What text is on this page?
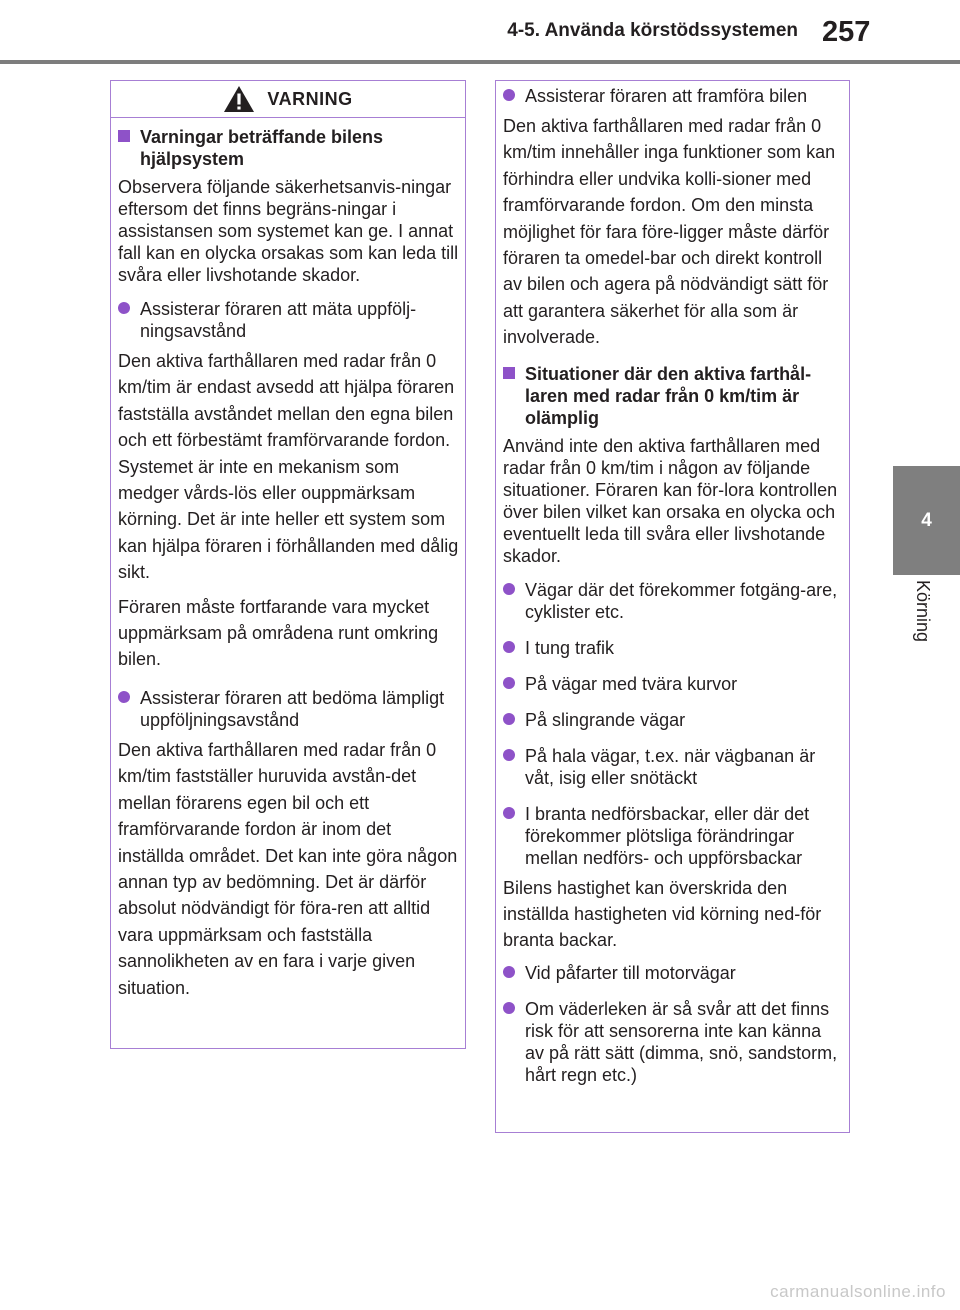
4-5. Använda körstödssystemen 257
4
Körning
VARNING
Varningar beträffande bilens hjälpsystem

Observera följande säkerhetsanvis-ningar eftersom det finns begräns-ningar i assistansen som systemet kan ge. I annat fall kan en olycka orsakas som kan leda till svåra eller livshotande skador.

Assisterar föraren att mäta uppfölj-ningsavstånd

Den aktiva farthållaren med radar från 0 km/tim är endast avsedd att hjälpa föraren fastställa avståndet mellan den egna bilen och ett förbestämt framförvarande fordon. Systemet är inte en mekanism som medger vårds-lös eller ouppmärksam körning. Det är inte heller ett system som kan hjälpa föraren i förhållanden med dålig sikt.

Föraren måste fortfarande vara mycket uppmärksam på områdena runt omkring bilen.

Assisterar föraren att bedöma lämpligt uppföljningsavstånd

Den aktiva farthållaren med radar från 0 km/tim fastställer huruvida avstån-det mellan förarens egen bil och ett framförvarande fordon är inom det inställda området. Det kan inte göra någon annan typ av bedömning. Det är därför absolut nödvändigt för föra-ren att alltid vara uppmärksam och fastställa sannolikheten av en fara i varje given situation.

Assisterar föraren att framföra bilen

Den aktiva farthållaren med radar från 0 km/tim innehåller inga funktioner som kan förhindra eller undvika kolli-sioner med framförvarande fordon. Om den minsta möjlighet för fara före-ligger måste därför föraren ta omedel-bar och direkt kontroll av bilen och agera på nödvändigt sätt för att garantera säkerhet för alla som är involverade.

Situationer där den aktiva farthål-laren med radar från 0 km/tim är olämplig

Använd inte den aktiva farthållaren med radar från 0 km/tim i någon av följande situationer. Föraren kan för-lora kontrollen över bilen vilket kan orsaka en olycka och eventuellt leda till svåra eller livshotande skador.

Vägar där det förekommer fotgäng-are, cyklister etc.
I tung trafik
På vägar med tvära kurvor
På slingrande vägar
På hala vägar, t.ex. när vägbanan är våt, isig eller snötäckt
I branta nedförsbackar, eller där det förekommer plötsliga förändringar mellan nedförs- och uppförsbackar

Bilens hastighet kan överskrida den inställda hastigheten vid körning ned-för branta backar.

Vid påfarter till motorvägar
Om väderleken är så svår att det finns risk för att sensorerna inte kan känna av på rätt sätt (dimma, snö, sandstorm, hårt regn etc.)
carmanualsonline.info
